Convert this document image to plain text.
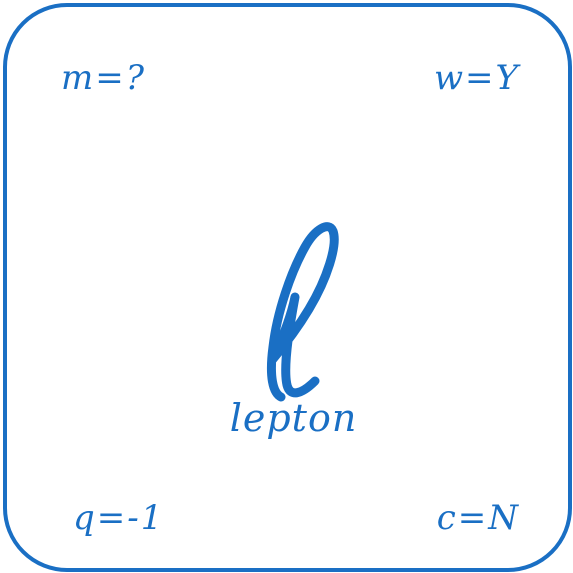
m=?	w=Y
lepton
q=-1	c=N
